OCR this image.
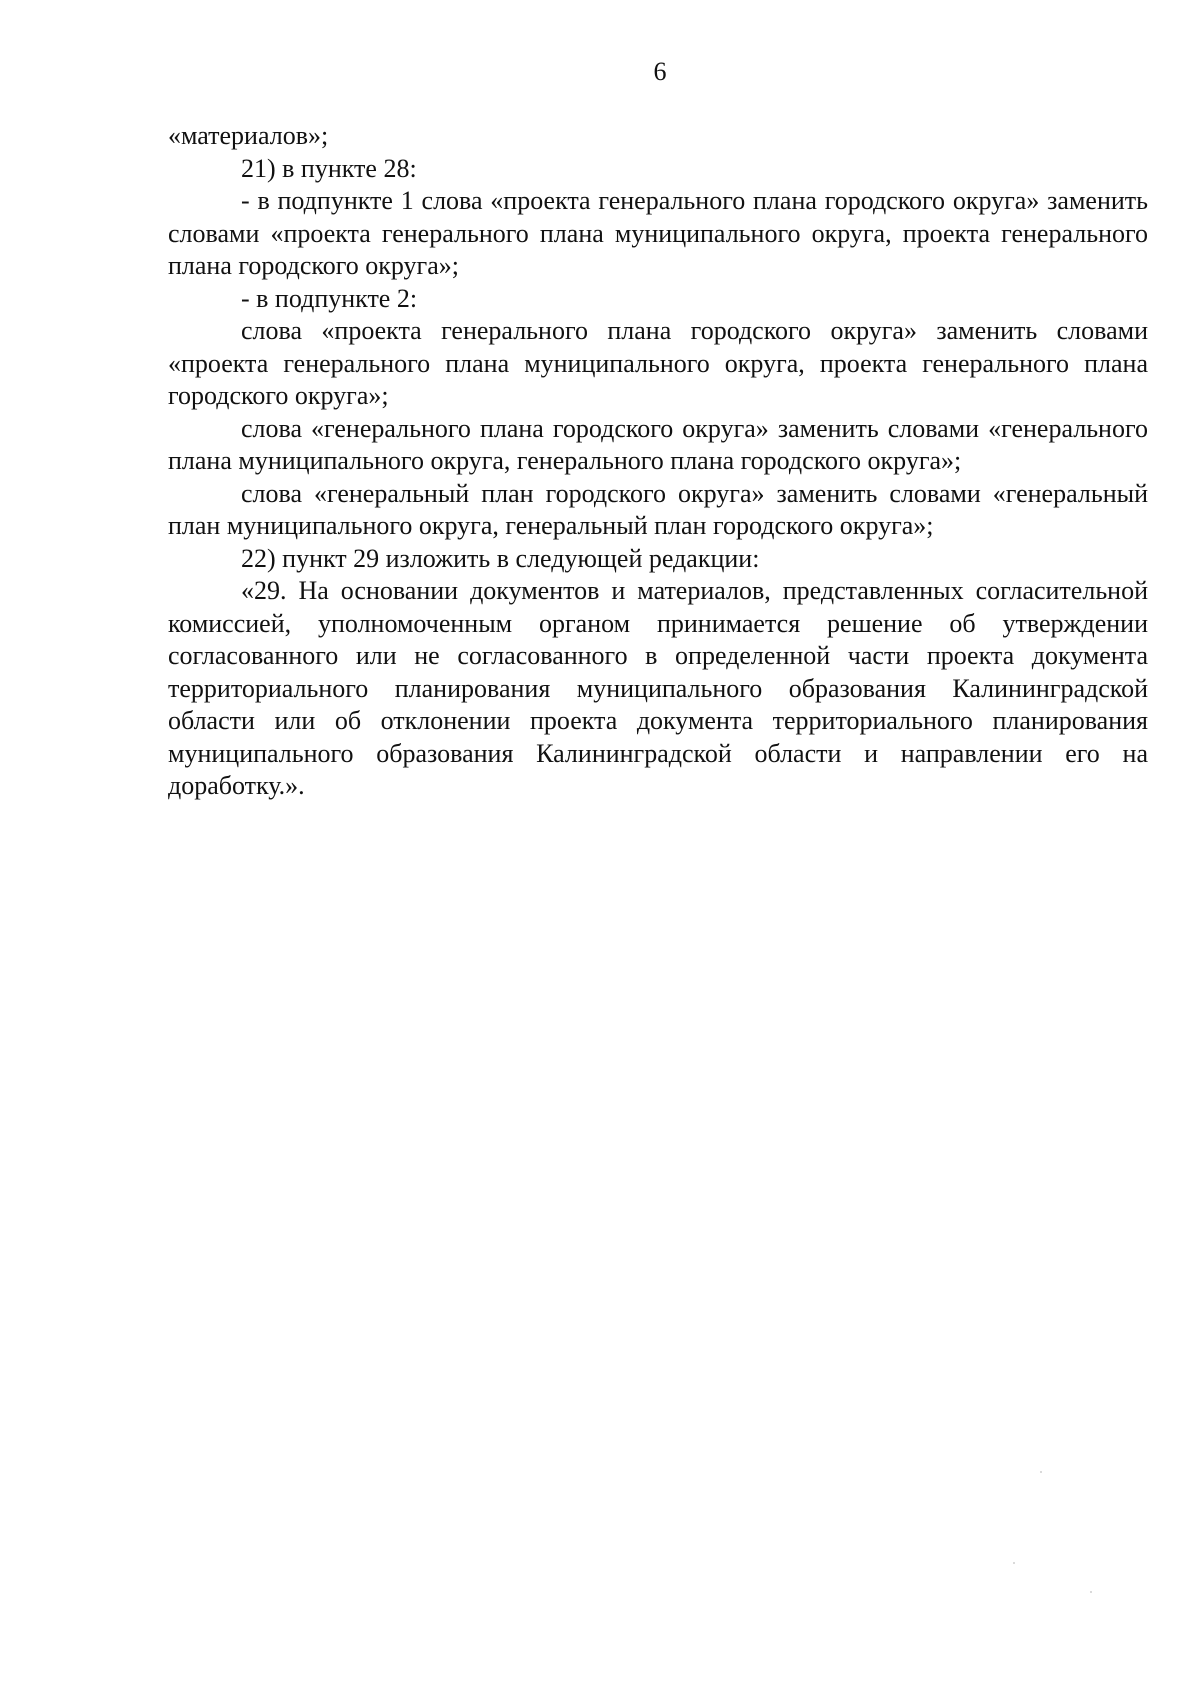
6

«материалов»;

21) в пункте 28:

- в подпункте 1 слова «проекта генерального плана городского округа» заменить словами «проекта генерального плана муниципального округа, проекта генерального плана городского округа»;

- в подпункте 2:

слова «проекта генерального плана городского округа» заменить словами «проекта генерального плана муниципального округа, проекта генерального плана городского округа»;

слова «генерального плана городского округа» заменить словами «генерального плана муниципального округа, генерального плана городского округа»;

слова «генеральный план городского округа» заменить словами «генеральный план муниципального округа, генеральный план городского округа»;

22) пункт 29 изложить в следующей редакции:

«29. На основании документов и материалов, представленных согласительной комиссией, уполномоченным органом принимается решение об утверждении согласованного или не согласованного в определенной части проекта документа территориального планирования муниципального образования Калининградской области или об отклонении проекта документа территориального планирования муниципального образования Калининградской области и направлении его на доработку.».
